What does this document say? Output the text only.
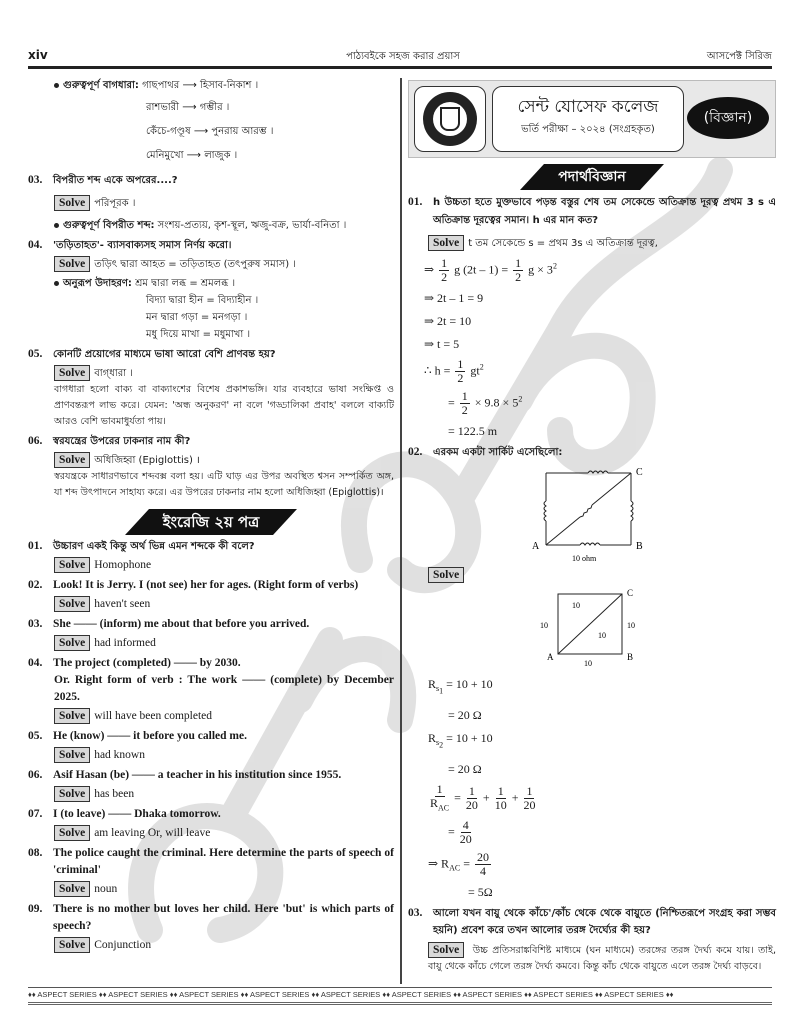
xiv	পাঠ্যবইকে সহজ করার প্রয়াস	আসপেক্ট সিরিজ
গুরুত্বপূর্ণ বাগধারা: গাছপাথর ⟶ হিসাব-নিকাশ ।
রাশভারী ⟶ গম্ভীর ।
কেঁচে-গণ্ডূষ ⟶ পুনরায় আরম্ভ ।
মেনিমুখো ⟶ লাজুক ।
03.	বিপরীত শব্দ একে অপরের....?
Solve পরিপূরক ।
গুরুত্বপূর্ণ বিপরীত শব্দ: সংশয়-প্রত্যয়, কৃশ-স্থূল, ঋজু-বক্র, ভার্যা-বনিতা ।
04.	'তড়িতাহত'- ব্যাসবাক্যসহ সমাস নির্ণয় করো।
Solve তড়িৎ দ্বারা আহত = তড়িতাহত (তৎপুরুষ সমাস) ।
অনুরূপ উদাহরণ: শ্রম দ্বারা লব্ধ = শ্রমলব্ধ ।
বিদ্যা দ্বারা হীন = বিদ্যাহীন ।
মন দ্বারা গড়া = মনগড়া ।
মধু দিয়ে মাখা = মধুমাখা ।
05.	কোনটি প্রয়োগের মাধ্যমে ভাষা আরো বেশি প্রাণবন্ত হয়?
Solve বাগ্‌ধারা ।
বাগধারা হলো বাক্য বা বাক্যাংশের বিশেষ প্রকাশভঙ্গি। যার ব্যবহারে ভাষা সংক্ষিপ্ত ও প্রাণবন্তরূপ লাভ করে। যেমন: 'অন্ধ অনুকরণ' না বলে 'গড্ডালিকা প্রবাহ' বললে বাক্যটি আরও বেশি ভাবমাধুর্যতা পায়।
06.	স্বরযন্ত্রের উপরের ঢাকনার নাম কী?
Solve অধিজিহ্বা (Epiglottis) ।
স্বরযন্ত্রকে সাধারণভাবে শব্দবক্স বলা হয়। এটি ঘাড় এর উপর অবস্থিত শ্বসন সম্পর্কিত অঙ্গ, যা শব্দ উৎপাদনে সাহায্য করে। এর উপরের ঢাকনার নাম হলো অধিজিহ্বা (Epiglottis)।
ইংরেজি ২য় পত্র
01.	উচ্চারণ একই কিন্তু অর্থ ভিন্ন এমন শব্দকে কী বলে?
Solve Homophone
02. Look! It is Jerry. I (not see) her for ages. (Right form of verbs)
Solve haven't seen
03. She —— (inform) me about that before you arrived.
Solve had informed
04. The project (completed) —— by 2030.
Or. Right form of verb : The work —— (complete) by December 2025.
Solve will have been completed
05. He (know) —— it before you called me.
Solve had known
06. Asif Hasan (be) —— a teacher in his institution since 1955.
Solve has been
07. I (to leave) —— Dhaka tomorrow.
Solve am leaving Or, will leave
08. The police caught the criminal. Here determine the parts of speech of 'criminal'
Solve noun
09. There is no mother but loves her child. Here 'but' is which parts of speech?
Solve Conjunction
সেন্ট যোসেফ কলেজ
ভর্তি পরীক্ষা – ২০২৪ (সংগ্রহকৃত)
(বিজ্ঞান)
পদার্থবিজ্ঞান
01.	h উচ্চতা হতে মুক্তভাবে পড়ন্ত বস্তুর শেষ তম সেকেন্ডে অতিক্রান্ত দূরত্ব প্রথম 3 s এ অতিক্রান্ত দূরত্বের সমান। h এর মান কত?
Solve t তম সেকেন্ডে s = প্রথম 3s এ অতিক্রান্ত দূরত্ব,
⇒ $\frac{1}{2}$ g $(2t - 1) = \frac{1}{2}$ $g \times 3^2$
⇒ 2t – 1 = 9
⇒ 2t = 10
⇒ t = 5
∴ $h = \frac{1}{2} gt^2$
= $\frac{1}{2} \times 9.8 \times 5^2$
= 122.5 m
02.	এরকম একটা সার্কিট এসেছিলো:
C
A	B
10 ohm
Solve
C
A	B
10
10	10
10
10
$R_{s_1} = 10 + 10$
= 20 Ω
$R_{s_2} = 10 + 10$
= 20 Ω
$\frac{1}{R_{AC}} = \frac{1}{20} + \frac{1}{10} + \frac{1}{20}$
= $\frac{4}{20}$
⇒ $R_{AC} = \frac{20}{4}$
= 5Ω
03.	আলো যখন বায়ু থেকে কাঁচে'/কাঁচ থেকে থেকে বায়ুতে (নিশ্চিতরূপে সংগ্রহ করা সম্ভব হয়নি) প্রবেশ করে তখন আলোর তরঙ্গ দৈর্ঘ্যের কী হয়?
Solve উচ্চ প্রতিসরাঙ্কবিশিষ্ট মাধ্যমে (ঘন মাধ্যমে) তরঙ্গের তরঙ্গ দৈর্ঘ্য কমে যায়। তাই, বায়ু থেকে কাঁচে গেলে তরঙ্গ দৈর্ঘ্য কমবে। কিন্তু কাঁচ থেকে বায়ুতে এলে তরঙ্গ দৈর্ঘ্য বাড়বে।
♦♦ ASPECT SERIES ♦♦ ASPECT SERIES ♦♦ ASPECT SERIES ♦♦ ASPECT SERIES ♦♦ ASPECT SERIES ♦♦ ASPECT SERIES ♦♦ ASPECT SERIES ♦♦ ASPECT SERIES ♦♦ ASPECT SERIES ♦♦
